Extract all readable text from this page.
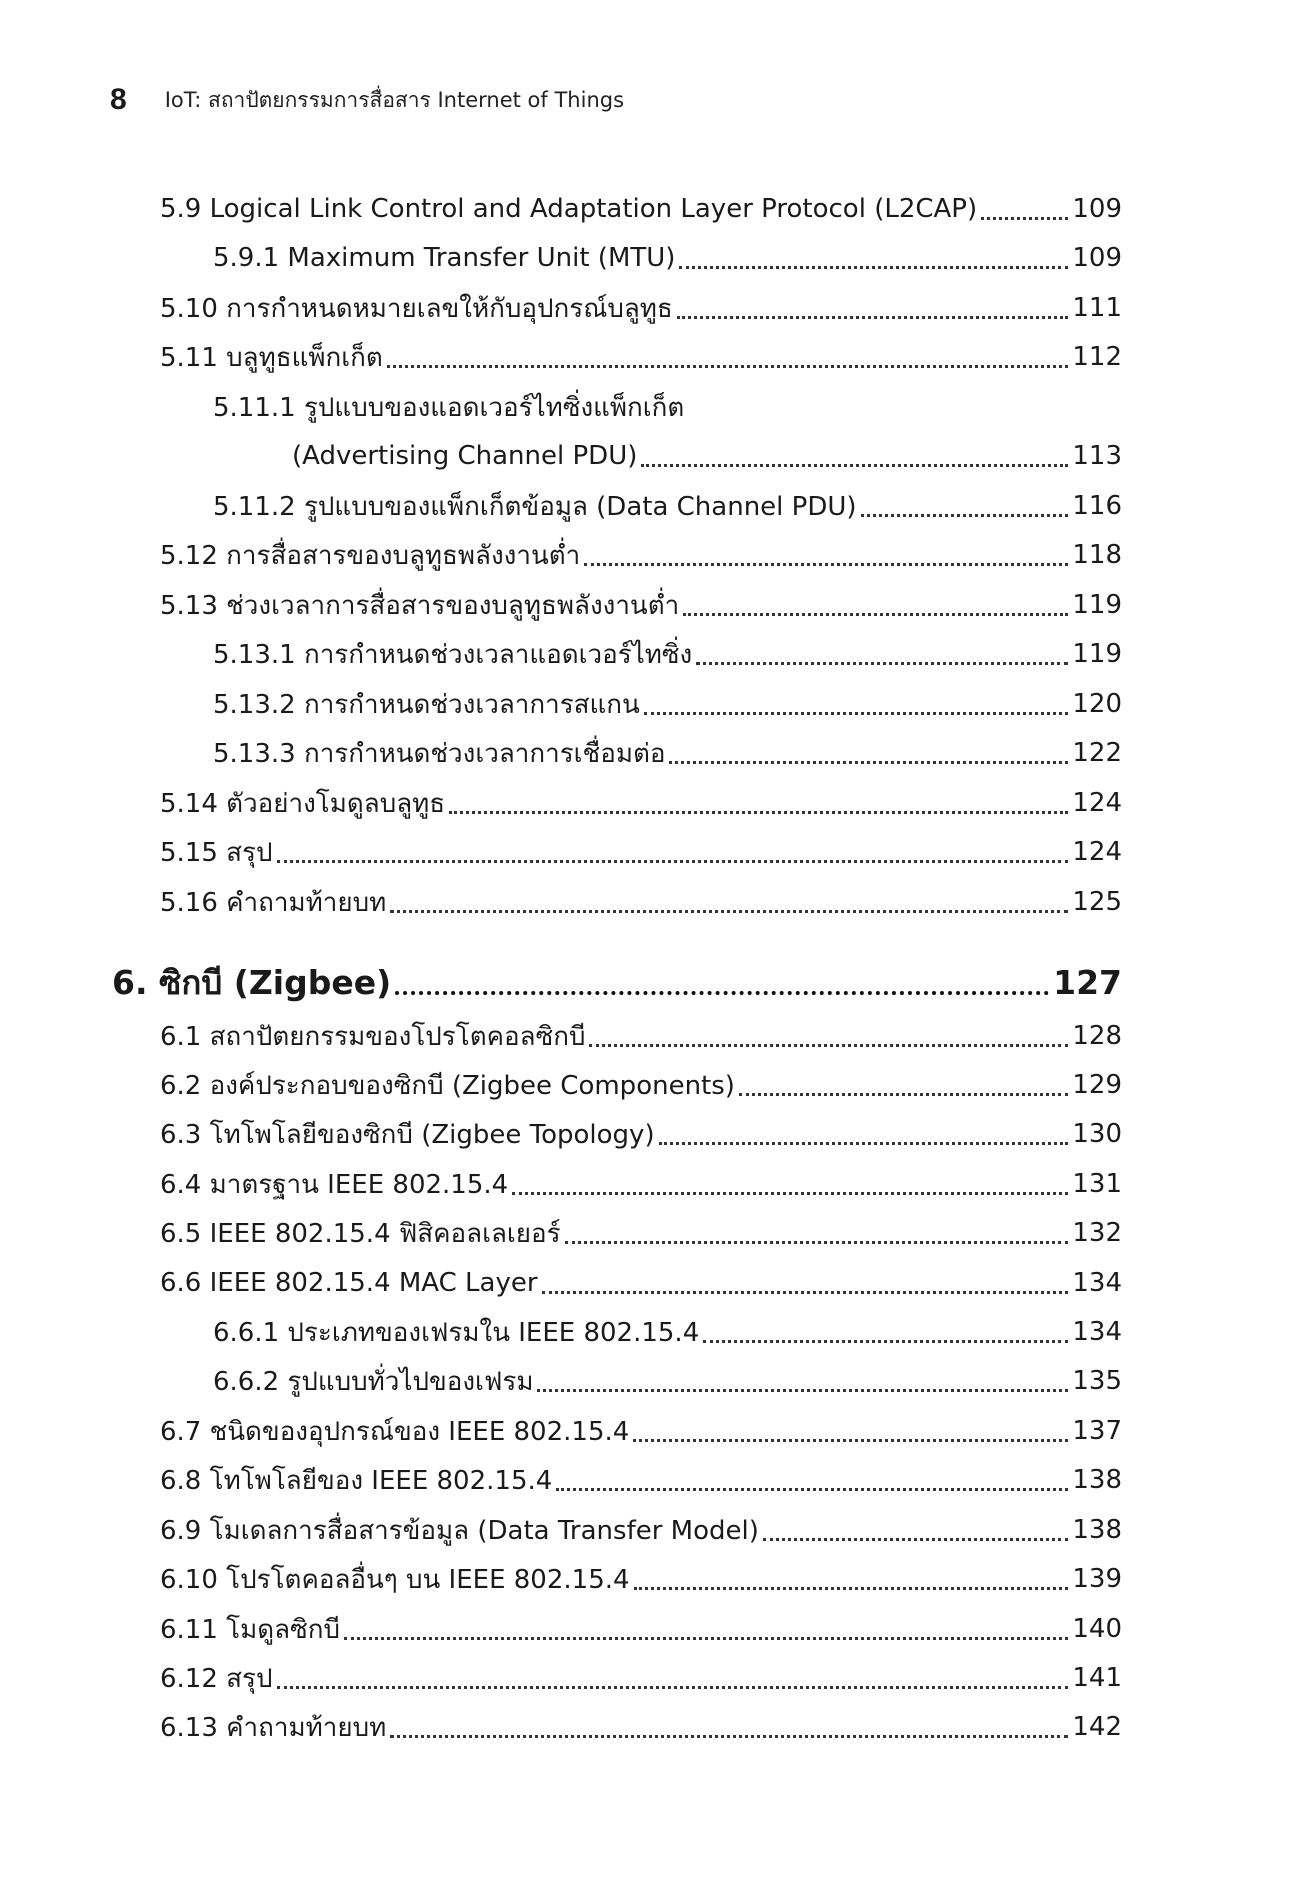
8 IoT: สถาปัตยกรรมการสื่อสาร Internet of Things
5.9 Logical Link Control and Adaptation Layer Protocol (L2CAP)	109
5.9.1 Maximum Transfer Unit (MTU)	109
5.10 การกำหนดหมายเลขให้กับอุปกรณ์บลูทูธ	111
5.11 บลูทูธแพ็กเก็ต	112
5.11.1 รูปแบบของแอดเวอร์ไทซิ่งแพ็กเก็ต
(Advertising Channel PDU)	113
5.11.2 รูปแบบของแพ็กเก็ตข้อมูล (Data Channel PDU)	116
5.12 การสื่อสารของบลูทูธพลังงานต่ำ	118
5.13 ช่วงเวลาการสื่อสารของบลูทูธพลังงานต่ำ	119
5.13.1 การกำหนดช่วงเวลาแอดเวอร์ไทซิ่ง	119
5.13.2 การกำหนดช่วงเวลาการสแกน	120
5.13.3 การกำหนดช่วงเวลาการเชื่อมต่อ	122
5.14 ตัวอย่างโมดูลบลูทูธ	124
5.15 สรุป	124
5.16 คำถามท้ายบท	125
6. ซิกบี (Zigbee)	127
6.1 สถาปัตยกรรมของโปรโตคอลซิกบี	128
6.2 องค์ประกอบของซิกบี (Zigbee Components)	129
6.3 โทโพโลยีของซิกบี (Zigbee Topology)	130
6.4 มาตรฐาน IEEE 802.15.4	131
6.5 IEEE 802.15.4 ฟิสิคอลเลเยอร์	132
6.6 IEEE 802.15.4 MAC Layer	134
6.6.1 ประเภทของเฟรมใน IEEE 802.15.4	134
6.6.2 รูปแบบทั่วไปของเฟรม	135
6.7 ชนิดของอุปกรณ์ของ IEEE 802.15.4	137
6.8 โทโพโลยีของ IEEE 802.15.4	138
6.9 โมเดลการสื่อสารข้อมูล (Data Transfer Model)	138
6.10 โปรโตคอลอื่นๆ บน IEEE 802.15.4	139
6.11 โมดูลซิกบี	140
6.12 สรุป	141
6.13 คำถามท้ายบท	142
